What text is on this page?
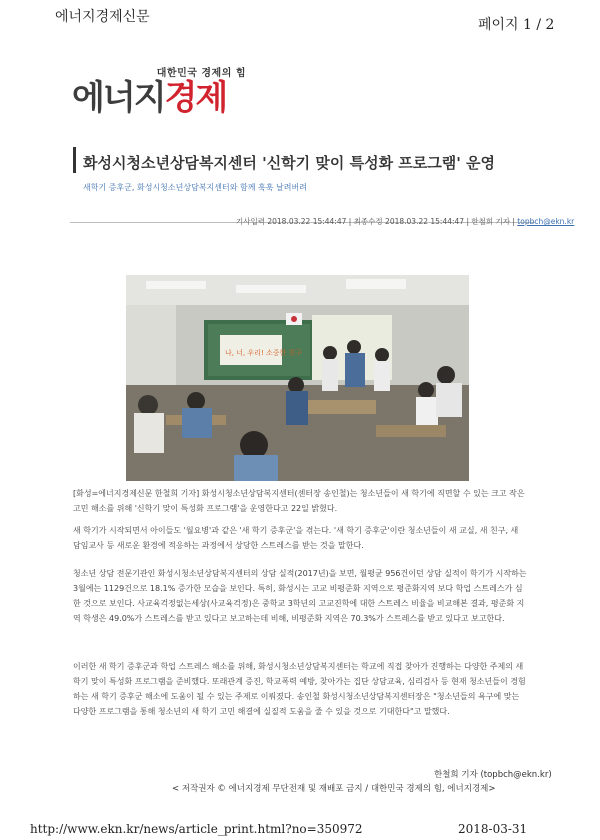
에너지경제신문	페이지 1 / 2
대한민국 경제의 힘
에너지경제
화성시청소년상담복지센터 '신학기 맞이 특성화 프로그램' 운영
새학기 증후군, 화성시청소년상담복지센터와 함께 훅훅 날려버려
기사입력 2018.03.22 15:44:47 | 최종수정 2018.03.22 15:44:47 | 한철희 기자 | topbch@ekn.kr
나, 너, 우리! 소중한 친구
[화성=에너지경제신문 한철희 기자] 화성시청소년상담복지센터(센터장 송인철)는 청소년들이 새 학기에 직면할 수 있는 크고 작은 고민 해소를 위해 '신학기 맞이 특성화 프로그램'을 운영한다고 22일 밝혔다.
새 학기가 시작되면서 아이들도 '월요병'과 같은 '새 학기 증후군'을 겪는다. '새 학기 증후군'이란 청소년들이 새 교실, 새 친구, 새 담임교사 등 새로운 환경에 적응하는 과정에서 상당한 스트레스를 받는 것을 말한다.
청소년 상담 전문기관인 화성시청소년상담복지센터의 상담 실적(2017년)을 보면, 월평균 956건이던 상담 실적이 학기가 시작하는 3월에는 1129건으로 18.1% 증가한 모습을 보인다. 특히, 화성시는 고교 비평준화 지역으로 평준화지역 보다 학업 스트레스가 심한 것으로 보인다. 사교육걱정없는세상(사교육걱정)은 중학교 3학년의 고교진학에 대한 스트레스 비율을 비교해본 결과, 평준화 지역 학생은 49.0%가 스트레스를 받고 있다고 보고하는데 비해, 비평준화 지역은 70.3%가 스트레스를 받고 있다고 보고한다.
이러한 새 학기 증후군과 학업 스트레스 해소를 위해, 화성시청소년상담복지센터는 학교에 직접 찾아가 진행하는 다양한 주제의 새 학기 맞이 특성화 프로그램을 준비했다. 또래관계 증진, 학교폭력 예방, 찾아가는 집단 상담교육, 심리검사 등 현재 청소년들이 경험하는 새 학기 증후군 해소에 도움이 될 수 있는 주제로 이뤄졌다. 송인철 화성시청소년상담복지센터장은 "청소년들의 욕구에 맞는 다양한 프로그램을 통해 청소년의 새 학기 고민 해결에 실질적 도움을 줄 수 있을 것으로 기대한다"고 말했다.
한철희 기자 (topbch@ekn.kr)
< 저작권자 © 에너지경제 무단전재 및 재배포 금지 / 대한민국 경제의 힘, 에너지경제>
http://www.ekn.kr/news/article_print.html?no=350972	2018-03-31
